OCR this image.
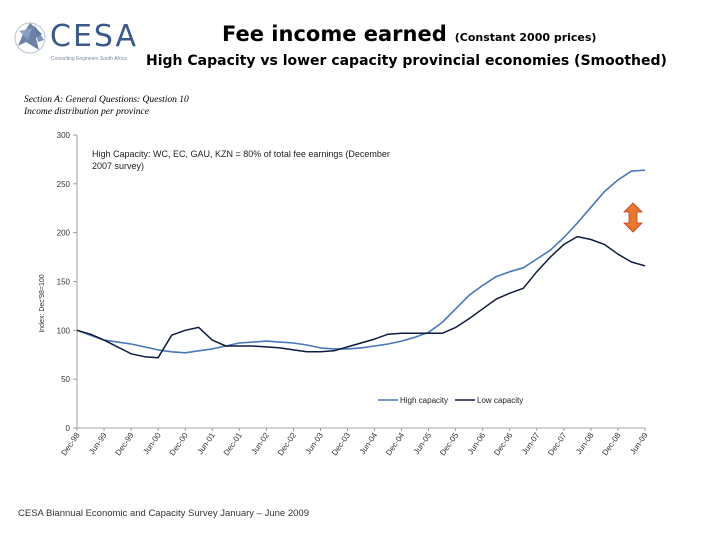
CESA
Consulting Engineers South Africa
Fee income earned (Constant 2000 prices)
High Capacity vs lower capacity provincial economies (Smoothed)
Section A: General Questions: Question 10
Income distribution per province
0
50
100
150
200
250
300
Index: Dec'98=100
Dec-98 Jun-99 Dec-99 Jun-00 Dec-00 Jun-01 Dec-01 Jun-02 Dec-02 Jun-03 Dec-03 Jun-04 Dec-04 Jun-05 Dec-05 Jun-06 Dec-06 Jun-07 Dec-07 Jun-08 Dec-08 Jun-09
High Capacity: WC, EC, GAU, KZN = 80% of total fee earnings (December 2007 survey)
High capacity	Low capacity
CESA Biannual Economic and Capacity Survey January – June 2009
